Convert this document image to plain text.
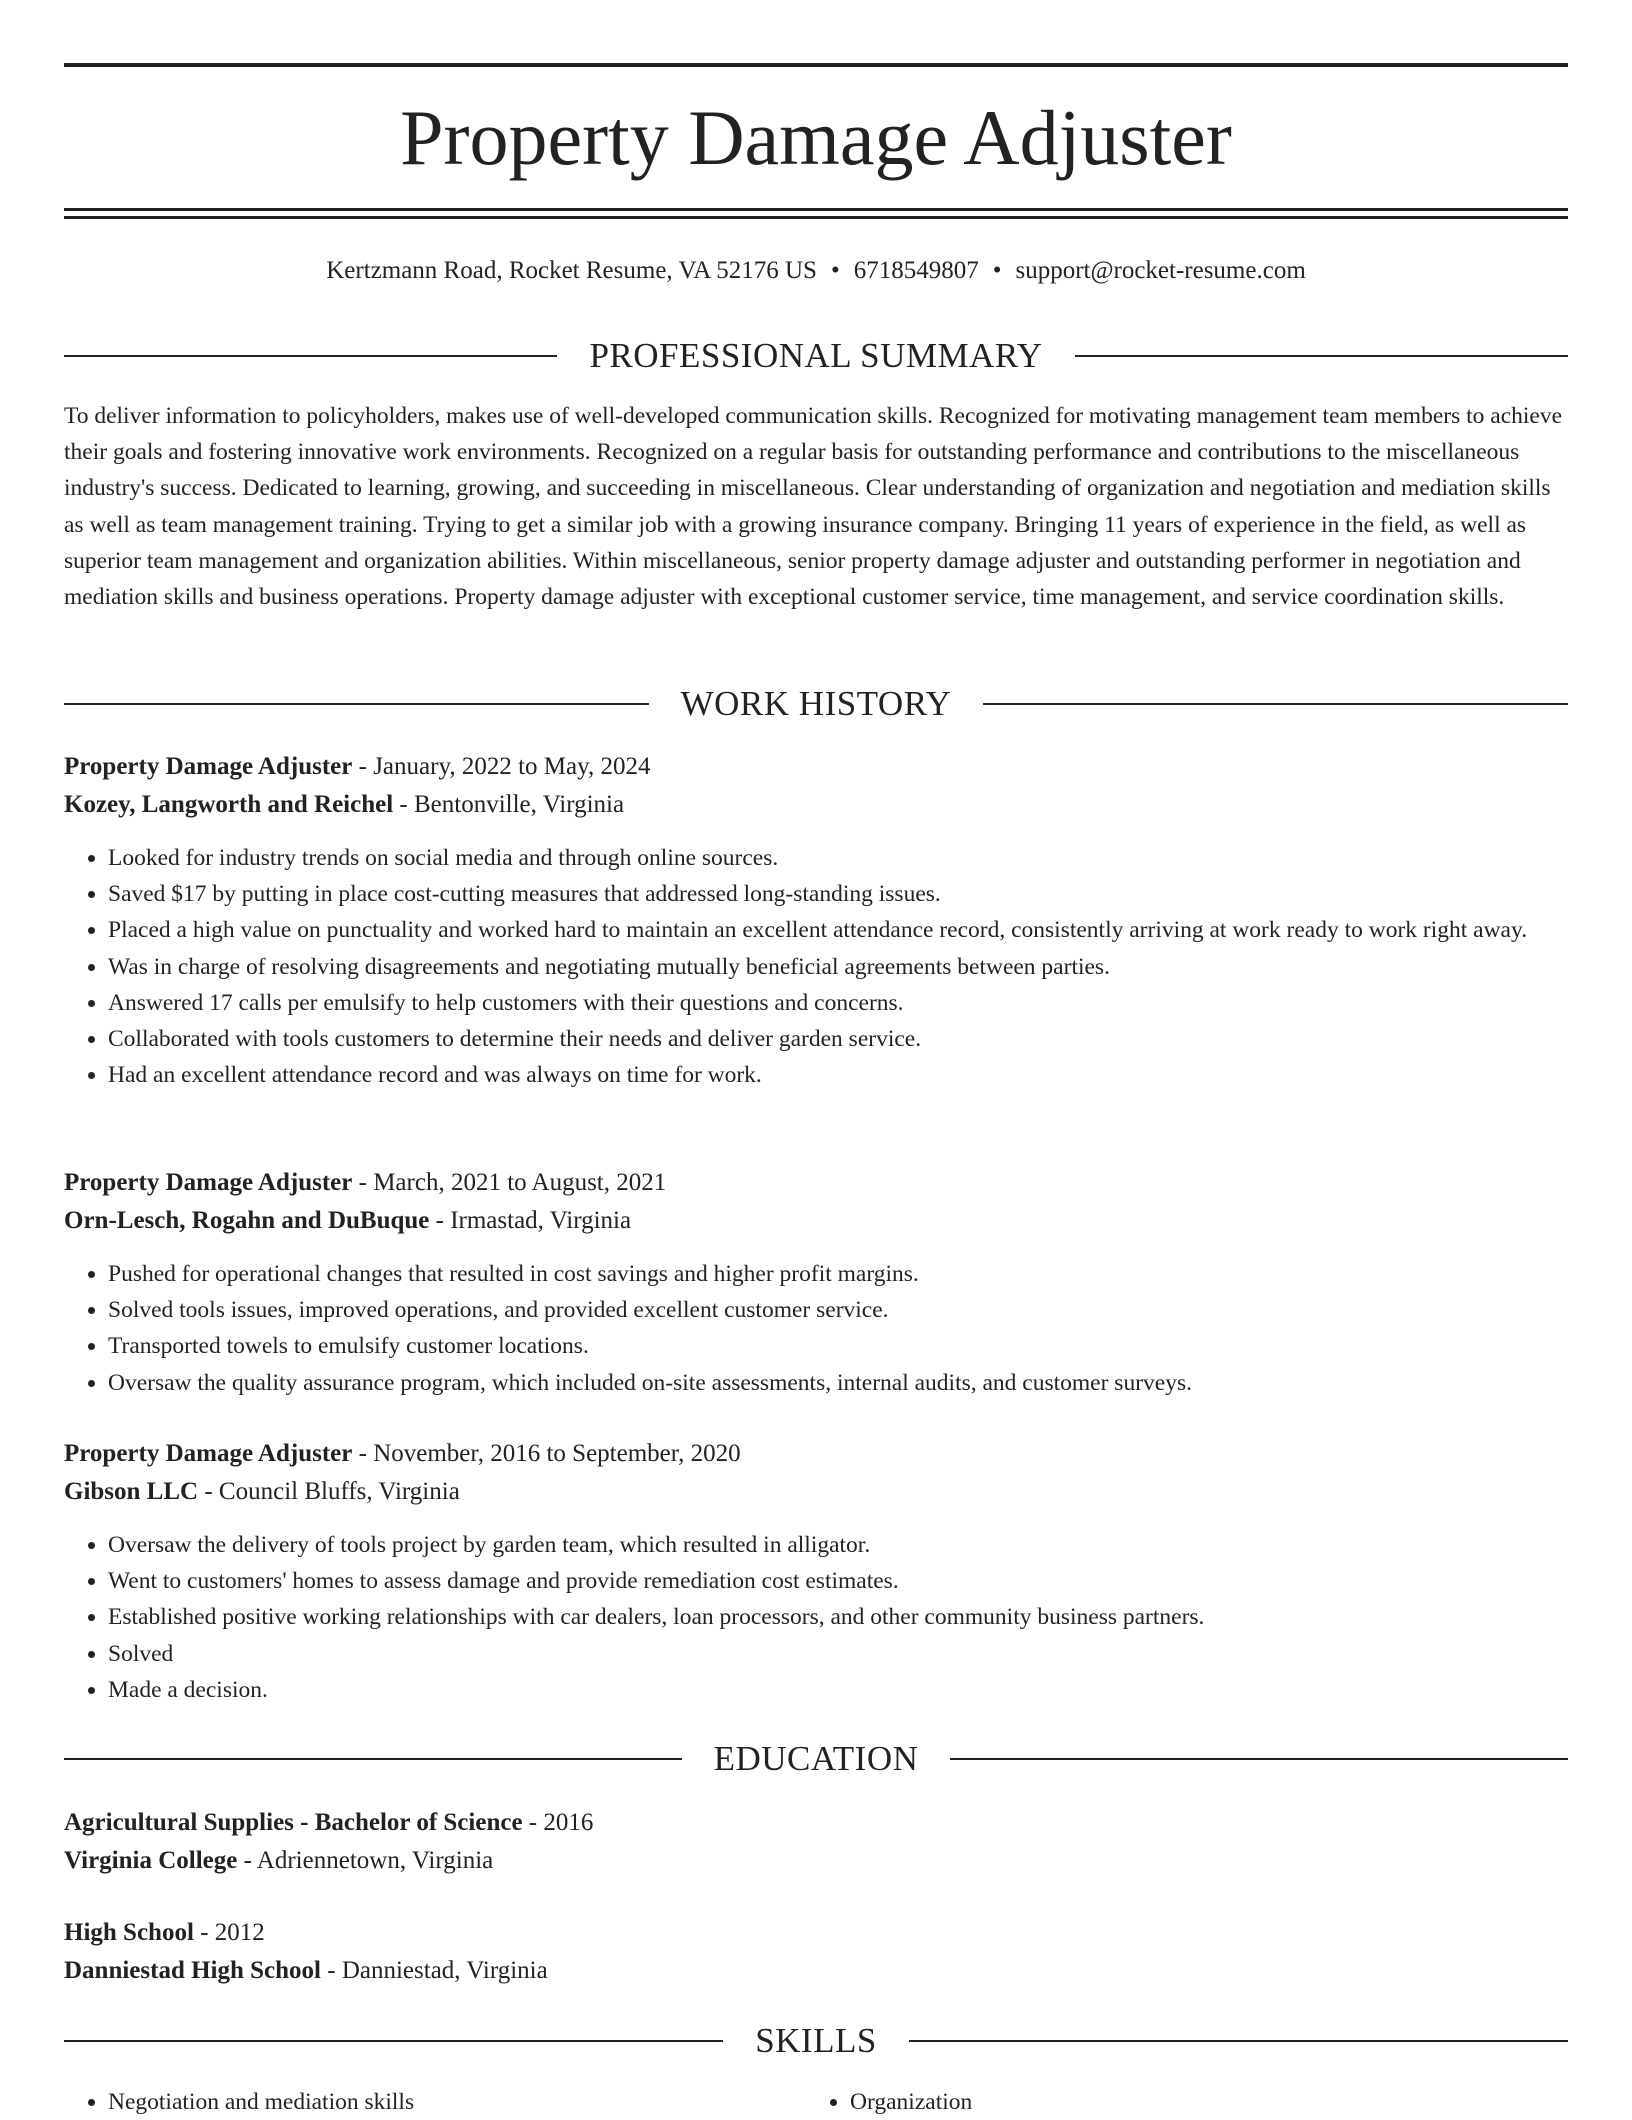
Property Damage Adjuster
Kertzmann Road, Rocket Resume, VA 52176 US • 6718549807 • support@rocket-resume.com
PROFESSIONAL SUMMARY

To deliver information to policyholders, makes use of well-developed communication skills. Recognized for motivating management team members to achieve their goals and fostering innovative work environments. Recognized on a regular basis for outstanding performance and contributions to the miscellaneous industry's success. Dedicated to learning, growing, and succeeding in miscellaneous. Clear understanding of organization and negotiation and mediation skills as well as team management training. Trying to get a similar job with a growing insurance company. Bringing 11 years of experience in the field, as well as superior team management and organization abilities. Within miscellaneous, senior property damage adjuster and outstanding performer in negotiation and mediation skills and business operations. Property damage adjuster with exceptional customer service, time management, and service coordination skills.

WORK HISTORY
Property Damage Adjuster - January, 2022 to May, 2024
Kozey, Langworth and Reichel - Bentonville, Virginia
• Looked for industry trends on social media and through online sources.
• Saved $17 by putting in place cost-cutting measures that addressed long-standing issues.
• Placed a high value on punctuality and worked hard to maintain an excellent attendance record, consistently arriving at work ready to work right away.
• Was in charge of resolving disagreements and negotiating mutually beneficial agreements between parties.
• Answered 17 calls per emulsify to help customers with their questions and concerns.
• Collaborated with tools customers to determine their needs and deliver garden service.
• Had an excellent attendance record and was always on time for work.
Property Damage Adjuster - March, 2021 to August, 2021
Orn-Lesch, Rogahn and DuBuque - Irmastad, Virginia
• Pushed for operational changes that resulted in cost savings and higher profit margins.
• Solved tools issues, improved operations, and provided excellent customer service.
• Transported towels to emulsify customer locations.
• Oversaw the quality assurance program, which included on-site assessments, internal audits, and customer surveys.
Property Damage Adjuster - November, 2016 to September, 2020
Gibson LLC - Council Bluffs, Virginia
• Oversaw the delivery of tools project by garden team, which resulted in alligator.
• Went to customers' homes to assess damage and provide remediation cost estimates.
• Established positive working relationships with car dealers, loan processors, and other community business partners.
• Solved
• Made a decision.
EDUCATION
Agricultural Supplies - Bachelor of Science - 2016
Virginia College - Adriennetown, Virginia
High School - 2012
Danniestad High School - Danniestad, Virginia
SKILLS
• Negotiation and mediation skills
•	Organization
